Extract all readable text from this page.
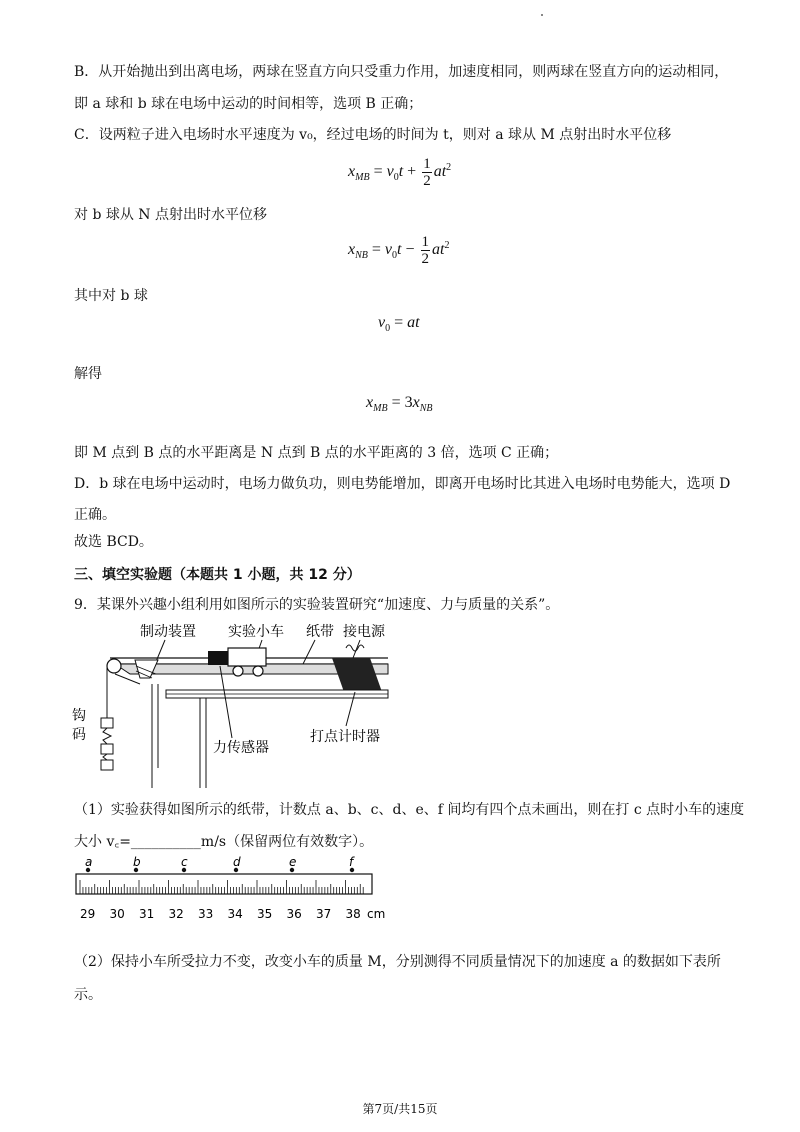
B．从开始抛出到出离电场，两球在竖直方向只受重力作用，加速度相同，则两球在竖直方向的运动相同，
即 a 球和 b 球在电场中运动的时间相等，选项 B 正确；
C．设两粒子进入电场时水平速度为 v₀，经过电场的时间为 t，则对 a 球从 M 点射出时水平位移
$x_{MB} = v_0t + \frac{1}{2} at^2$
对 b 球从 N 点射出时水平位移
$x_{NB} = v_0t - \frac{1}{2} at^2$
其中对 b 球
$v_0$ = at
解得
$x_{MB} = 3x_{NB}$
即 M 点到 B 点的水平距离是 N 点到 B 点的水平距离的 3 倍，选项 C 正确；
D．b 球在电场中运动时，电场力做负功，则电势能增加，即离开电场时比其进入电场时电势能大，选项 D
正确。
故选 BCD。
三、填空实验题（本题共 1 小题，共 12 分）
9．某课外兴趣小组利用如图所示的实验装置研究“加速度、力与质量的关系”。
制动装置 实验小车 纸带 接电源
钩
码
力传感器
打点计时器
（1）实验获得如图所示的纸带，计数点 a、b、c、d、e、f 间均有四个点未画出，则在打 c 点时小车的速度
大小 v꜀=__________m/s（保留两位有效数字）。
a	b	c	d	e	f
29 30 31 32 33 34 35 36 37 38 cm
（2）保持小车所受拉力不变，改变小车的质量 M，分别测得不同质量情况下的加速度 a 的数据如下表所
示。
第7页/共15页
